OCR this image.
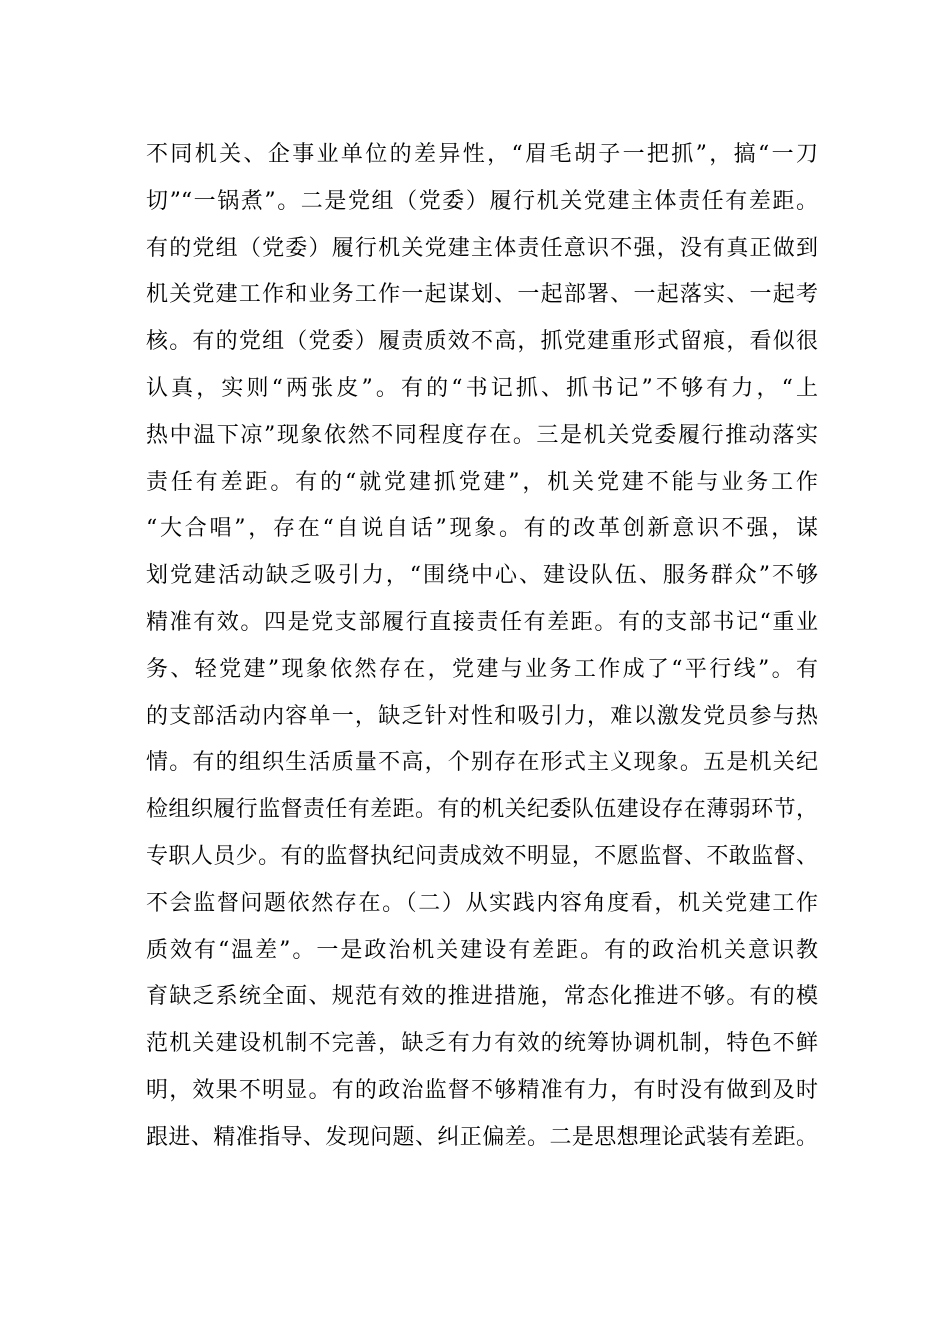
不同机关、企事业单位的差异性，“眉毛胡子一把抓”，搞“一刀
切”“一锅煮”。二是党组（党委）履行机关党建主体责任有差距。
有的党组（党委）履行机关党建主体责任意识不强，没有真正做到
机关党建工作和业务工作一起谋划、一起部署、一起落实、一起考
核。有的党组（党委）履责质效不高，抓党建重形式留痕，看似很
认真，实则“两张皮”。有的“书记抓、抓书记”不够有力，“上
热中温下凉”现象依然不同程度存在。三是机关党委履行推动落实
责任有差距。有的“就党建抓党建”，机关党建不能与业务工作
“大合唱”，存在“自说自话”现象。有的改革创新意识不强，谋
划党建活动缺乏吸引力，“围绕中心、建设队伍、服务群众”不够
精准有效。四是党支部履行直接责任有差距。有的支部书记“重业
务、轻党建”现象依然存在，党建与业务工作成了“平行线”。有
的支部活动内容单一，缺乏针对性和吸引力，难以激发党员参与热
情。有的组织生活质量不高，个别存在形式主义现象。五是机关纪
检组织履行监督责任有差距。有的机关纪委队伍建设存在薄弱环节，
专职人员少。有的监督执纪问责成效不明显，不愿监督、不敢监督、
不会监督问题依然存在。（二）从实践内容角度看，机关党建工作
质效有“温差”。一是政治机关建设有差距。有的政治机关意识教
育缺乏系统全面、规范有效的推进措施，常态化推进不够。有的模
范机关建设机制不完善，缺乏有力有效的统筹协调机制，特色不鲜
明，效果不明显。有的政治监督不够精准有力，有时没有做到及时
跟进、精准指导、发现问题、纠正偏差。二是思想理论武装有差距。
